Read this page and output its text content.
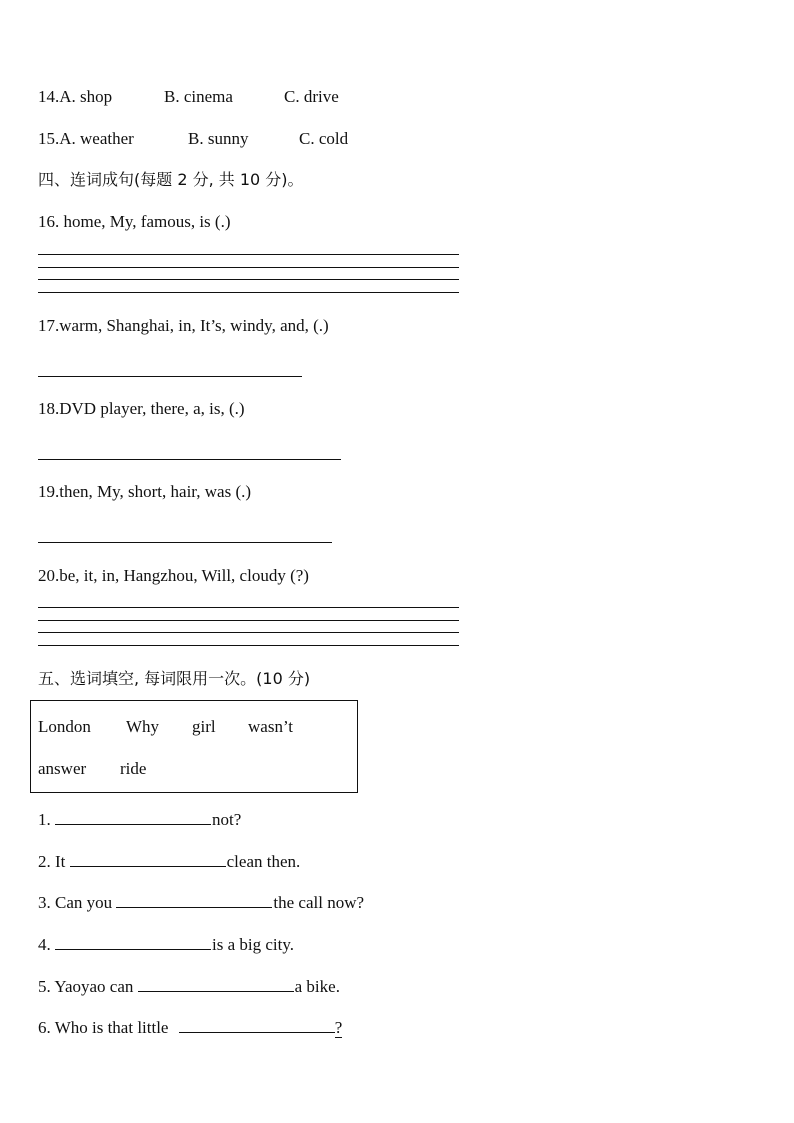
14.A. shop	B. cinema	C. drive
15.A. weather	B. sunny	C. cold
四、连词成句(每题 2 分, 共 10 分)。
16. home, My, famous, is (.)
17.warm, Shanghai, in, It’s, windy, and, (.)
18.DVD player, there, a, is, (.)
19.then, My, short, hair, was (.)
20.be, it, in, Hangzhou, Will, cloudy (?)
五、选词填空, 每词限用一次。(10 分)
London Why girl wasn’t
answer ride
1.	not?
2. It	clean then.
3. Can you	the call now?
4.	is a big city.
5. Yaoyao can	a bike.
6. Who is that little	?
